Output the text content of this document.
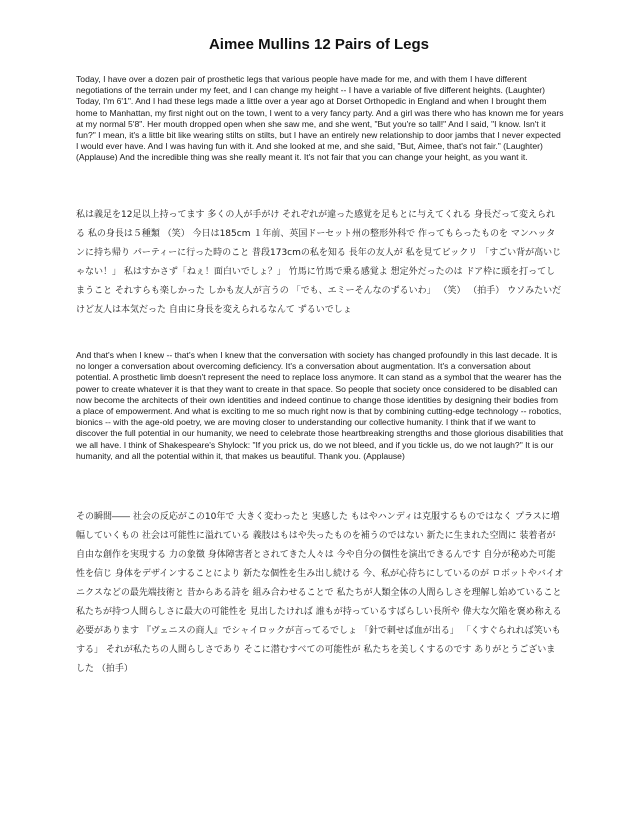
Aimee Mullins 12 Pairs of Legs

Today, I have over a dozen pair of prosthetic legs that various people have made for me, and with them I have different negotiations of the terrain under my feet, and I can change my height -- I have a variable of five different heights. (Laughter) Today, I'm 6'1". And I had these legs made a little over a year ago at Dorset Orthopedic in England and when I brought them home to Manhattan, my first night out on the town, I went to a very fancy party. And a girl was there who has known me for years at my normal 5'8". Her mouth dropped open when she saw me, and she went, "But you're so tall!" And I said, "I know. Isn't it fun?" I mean, it's a little bit like wearing stilts on stilts, but I have an entirely new relationship to door jambs that I never expected I would ever have. And I was having fun with it. And she looked at me, and she said, "But, Aimee, that's not fair." (Laughter) (Applause) And the incredible thing was she really meant it. It's not fair that you can change your height, as you want it.

私は義足を12足以上持ってます 多くの人が手がけ それぞれが違った感覚を足もとに与えてくれる 身長だって変えられる 私の身長は５種類 （笑） 今日は185cm １年前、英国ドーセット州の整形外科で 作ってもらったものを マンハッタンに持ち帰り パーティーに行った時のこと 普段173cmの私を知る 長年の友人が 私を見てビックリ 「すごい背が高いじゃない！」 私はすかさず「ねぇ！面白いでしょ？」 竹馬に竹馬で乗る感覚よ 想定外だったのは ドア枠に頭を打ってしまうこと それすらも楽しかった しかも友人が言うの 「でも、エミーそんなのずるいわ」 （笑） （拍手） ウソみたいだけど友人は本気だった 自由に身長を変えられるなんて ずるいでしょ

And that's when I knew -- that's when I knew that the conversation with society has changed profoundly in this last decade. It is no longer a conversation about overcoming deficiency. It's a conversation about augmentation. It's a conversation about potential. A prosthetic limb doesn't represent the need to replace loss anymore. It can stand as a symbol that the wearer has the power to create whatever it is that they want to create in that space. So people that society once considered to be disabled can now become the architects of their own identities and indeed continue to change those identities by designing their bodies from a place of empowerment. And what is exciting to me so much right now is that by combining cutting-edge technology -- robotics, bionics -- with the age-old poetry, we are moving closer to understanding our collective humanity. I think that if we want to discover the full potential in our humanity, we need to celebrate those heartbreaking strengths and those glorious disabilities that we all have. I think of Shakespeare's Shylock: "If you prick us, do we not bleed, and if you tickle us, do we not laugh?" It is our humanity, and all the potential within it, that makes us beautiful. Thank you. (Applause)

その瞬間―― 社会の反応がこの10年で 大きく変わったと 実感した もはやハンディは克服するものではなく プラスに増幅していくもの 社会は可能性に溢れている 義肢はもはや失ったものを補うのではない 新たに生まれた空間に 装着者が自由な創作を実現する 力の象徴 身体障害者とされてきた人々は 今や自分の個性を演出できるんです 自分が秘めた可能性を信じ 身体をデザインすることにより 新たな個性を生み出し続ける 今、私が心待ちにしているのが ロボットやバイオニクスなどの最先端技術と 昔からある詩を 組み合わせることで 私たちが人類全体の人間らしさを理解し始めていること 私たちが持つ人間らしさに最大の可能性を 見出したければ 誰もが持っているすばらしい長所や 偉大な欠陥を褒め称える必要があります 『ヴェニスの商人』でシャイロックが言ってるでしょ 「針で刺せば血が出る」 「くすぐられれば笑いもする」 それが私たちの人間らしさであり そこに潜むすべての可能性が 私たちを美しくするのです ありがとうございました （拍手）
